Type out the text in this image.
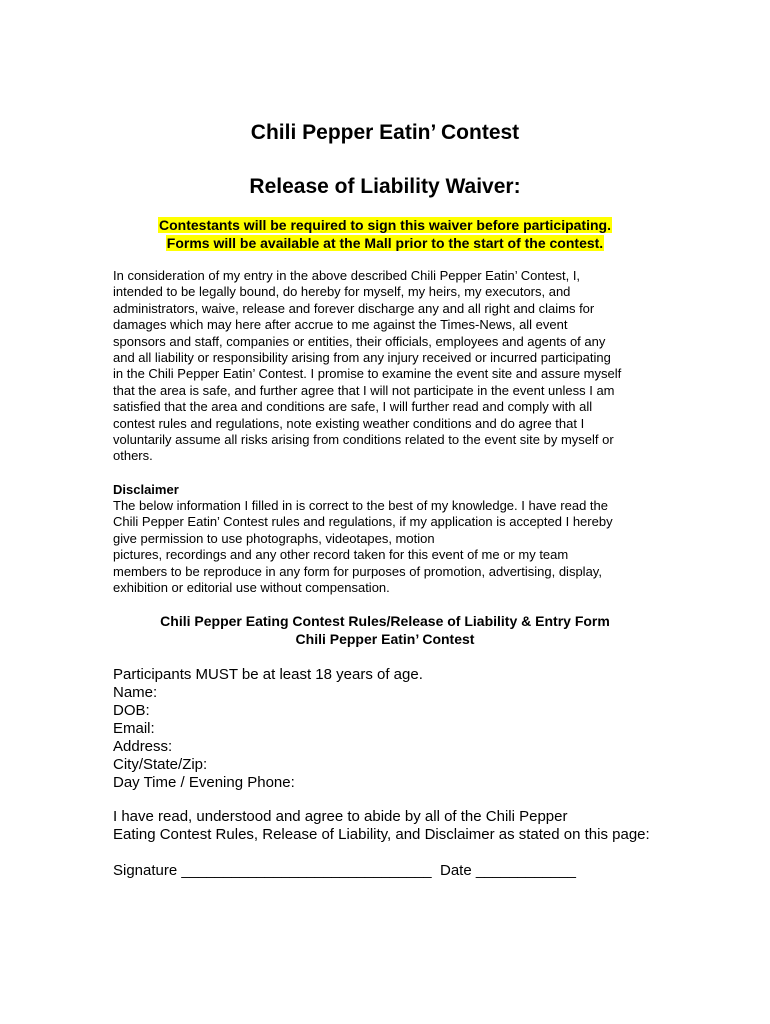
Chili Pepper Eatin’ Contest
Release of Liability Waiver:
Contestants will be required to sign this waiver before participating.
Forms will be available at the Mall prior to the start of the contest.

In consideration of my entry in the above described Chili Pepper Eatin’ Contest, I,
intended to be legally bound, do hereby for myself, my heirs, my executors, and
administrators, waive, release and forever discharge any and all right and claims for
damages which may here after accrue to me against the Times-News, all event
sponsors and staff, companies or entities, their officials, employees and agents of any
and all liability or responsibility arising from any injury received or incurred participating
in the Chili Pepper Eatin’ Contest. I promise to examine the event site and assure myself
that the area is safe, and further agree that I will not participate in the event unless I am
satisfied that the area and conditions are safe, I will further read and comply with all
contest rules and regulations, note existing weather conditions and do agree that I
voluntarily assume all risks arising from conditions related to the event site by myself or
others.

Disclaimer

The below information I filled in is correct to the best of my knowledge. I have read the
Chili Pepper Eatin’ Contest rules and regulations, if my application is accepted I hereby
give permission to use photographs, videotapes, motion
pictures, recordings and any other record taken for this event of me or my team
members to be reproduce in any form for purposes of promotion, advertising, display,
exhibition or editorial use without compensation.

Chili Pepper Eating Contest Rules/Release of Liability & Entry Form
Chili Pepper Eatin’ Contest
Participants MUST be at least 18 years of age.
Name:
DOB:
Email:
Address:
City/State/Zip:
Day Time / Evening Phone:
I have read, understood and agree to abide by all of the Chili Pepper
Eating Contest Rules, Release of Liability, and Disclaimer as stated on this page:
Signature ______________________________  Date ____________
